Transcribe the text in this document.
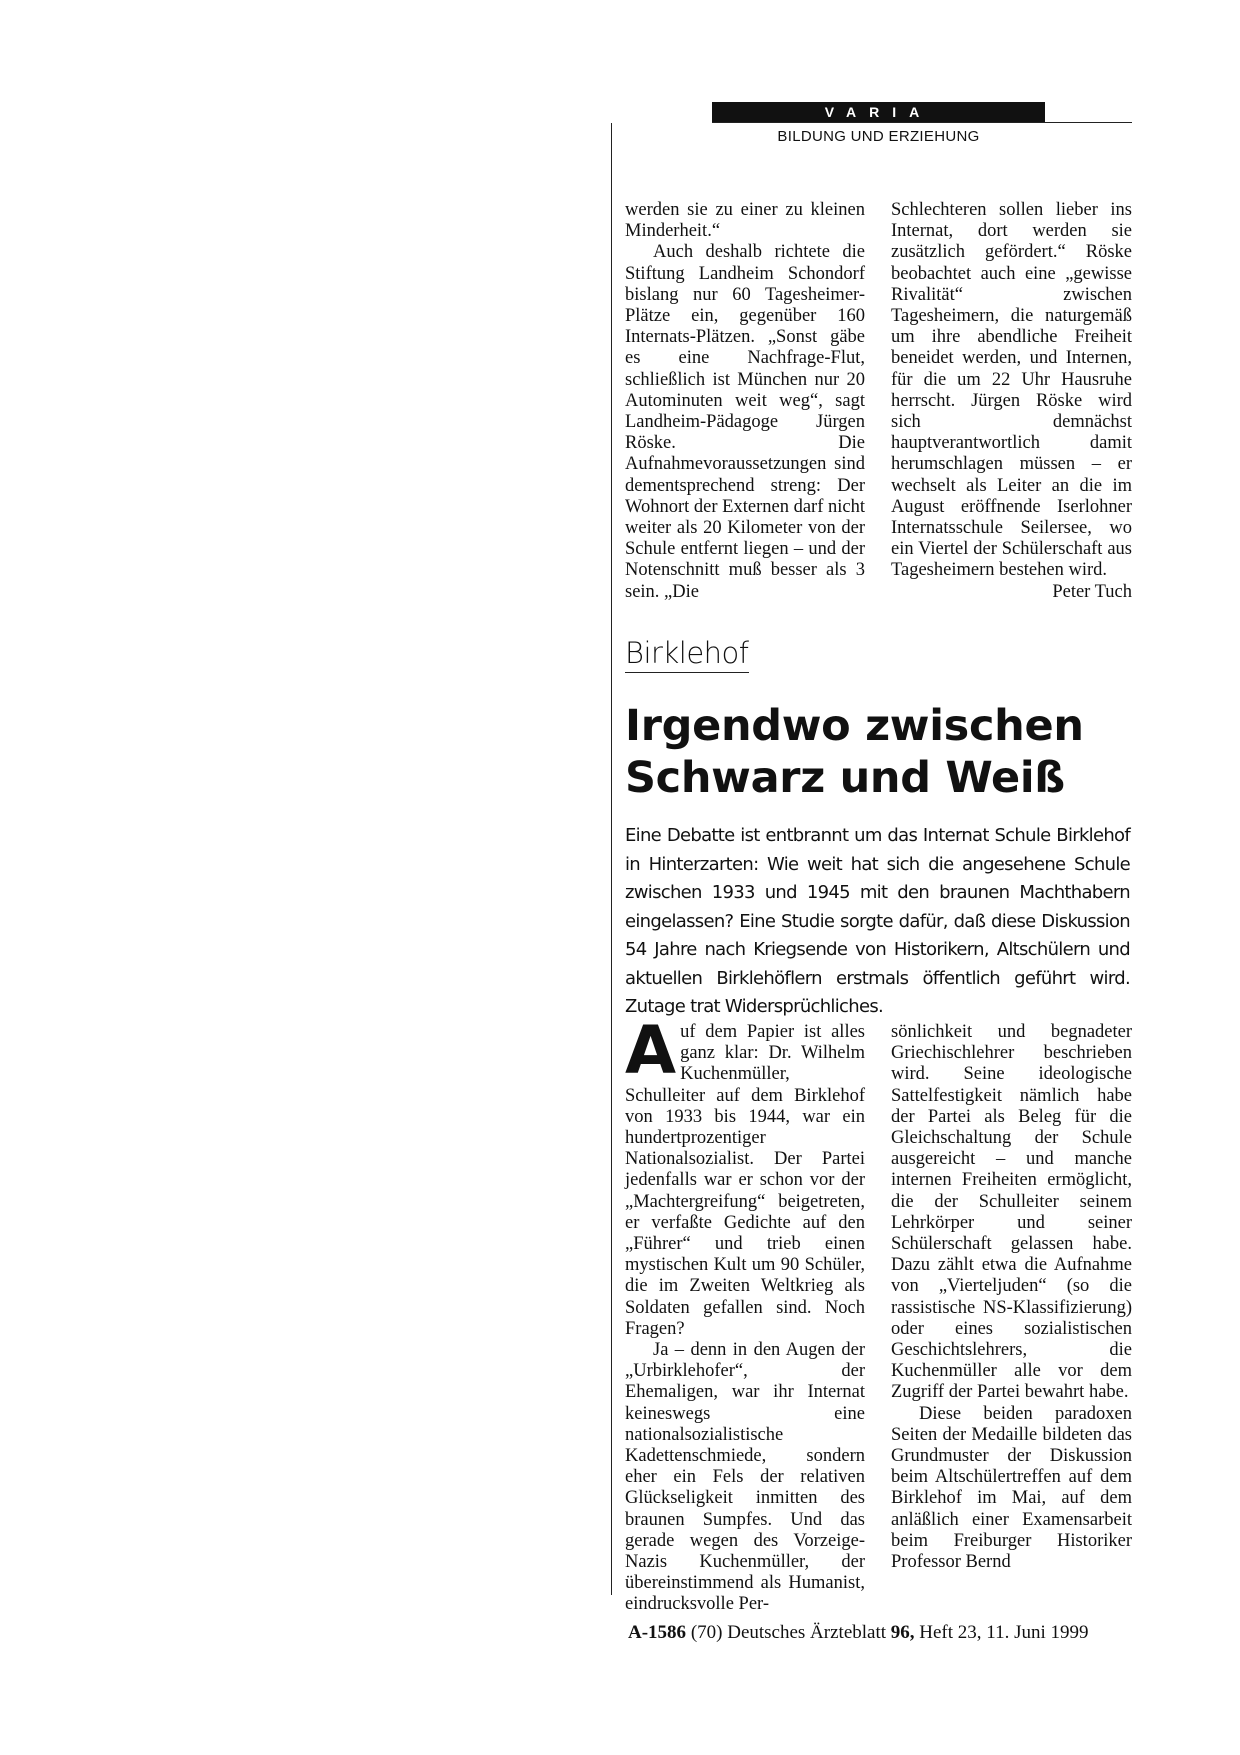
VARIA
BILDUNG UND ERZIEHUNG

werden sie zu einer zu kleinen Minderheit.“

Auch deshalb richtete die Stiftung Landheim Schondorf bislang nur 60 Tagesheimer-Plätze ein, gegenüber 160 Internats-Plätzen. „Sonst gäbe es eine Nachfrage-Flut, schließlich ist München nur 20 Autominuten weit weg“, sagt Landheim-Pädagoge Jürgen Röske. Die Aufnahmevoraussetzungen sind dementsprechend streng: Der Wohnort der Externen darf nicht weiter als 20 Kilometer von der Schule entfernt liegen – und der Notenschnitt muß besser als 3 sein. „Die

Schlechteren sollen lieber ins Internat, dort werden sie zusätzlich gefördert.“ Röske beobachtet auch eine „gewisse Rivalität“ zwischen Tagesheimern, die naturgemäß um ihre abendliche Freiheit beneidet werden, und Internen, für die um 22 Uhr Hausruhe herrscht. Jürgen Röske wird sich demnächst hauptverantwortlich damit herumschlagen müssen – er wechselt als Leiter an die im August eröffnende Iserlohner Internatsschule Seilersee, wo ein Viertel der Schülerschaft aus Tagesheimern bestehen wird.

Peter Tuch

Birklehof
Irgendwo zwischen
Schwarz und Weiß
Eine Debatte ist entbrannt um das Internat Schule Birklehof in Hinterzarten: Wie weit hat sich die angesehene Schule zwischen 1933 und 1945 mit den braunen Machthabern eingelassen? Eine Studie sorgte dafür, daß diese Diskussion 54 Jahre nach Kriegsende von Historikern, Altschülern und aktuellen Birklehöflern erstmals öffentlich geführt wird. Zutage trat Widersprüchliches.

Auf dem Papier ist alles ganz klar: Dr. Wilhelm Kuchenmüller, Schulleiter auf dem Birklehof von 1933 bis 1944, war ein hundertprozentiger Nationalsozialist. Der Partei jedenfalls war er schon vor der „Machtergreifung“ beigetreten, er verfaßte Gedichte auf den „Führer“ und trieb einen mystischen Kult um 90 Schüler, die im Zweiten Weltkrieg als Soldaten gefallen sind. Noch Fragen?

Ja – denn in den Augen der „Urbirklehofer“, der Ehemaligen, war ihr Internat keineswegs eine nationalsozialistische Kadettenschmiede, sondern eher ein Fels der relativen Glückseligkeit inmitten des braunen Sumpfes. Und das gerade wegen des Vorzeige-Nazis Kuchenmüller, der übereinstimmend als Humanist, eindrucksvolle Per-

sönlichkeit und begnadeter Griechischlehrer beschrieben wird. Seine ideologische Sattelfestigkeit nämlich habe der Partei als Beleg für die Gleichschaltung der Schule ausgereicht – und manche internen Freiheiten ermöglicht, die der Schulleiter seinem Lehrkörper und seiner Schülerschaft gelassen habe. Dazu zählt etwa die Aufnahme von „Vierteljuden“ (so die rassistische NS-Klassifizierung) oder eines sozialistischen Geschichtslehrers, die Kuchenmüller alle vor dem Zugriff der Partei bewahrt habe.

Diese beiden paradoxen Seiten der Medaille bildeten das Grundmuster der Diskussion beim Altschülertreffen auf dem Birklehof im Mai, auf dem anläßlich einer Examensarbeit beim Freiburger Historiker Professor Bernd

A-1586 (70) Deutsches Ärzteblatt 96, Heft 23, 11. Juni 1999
